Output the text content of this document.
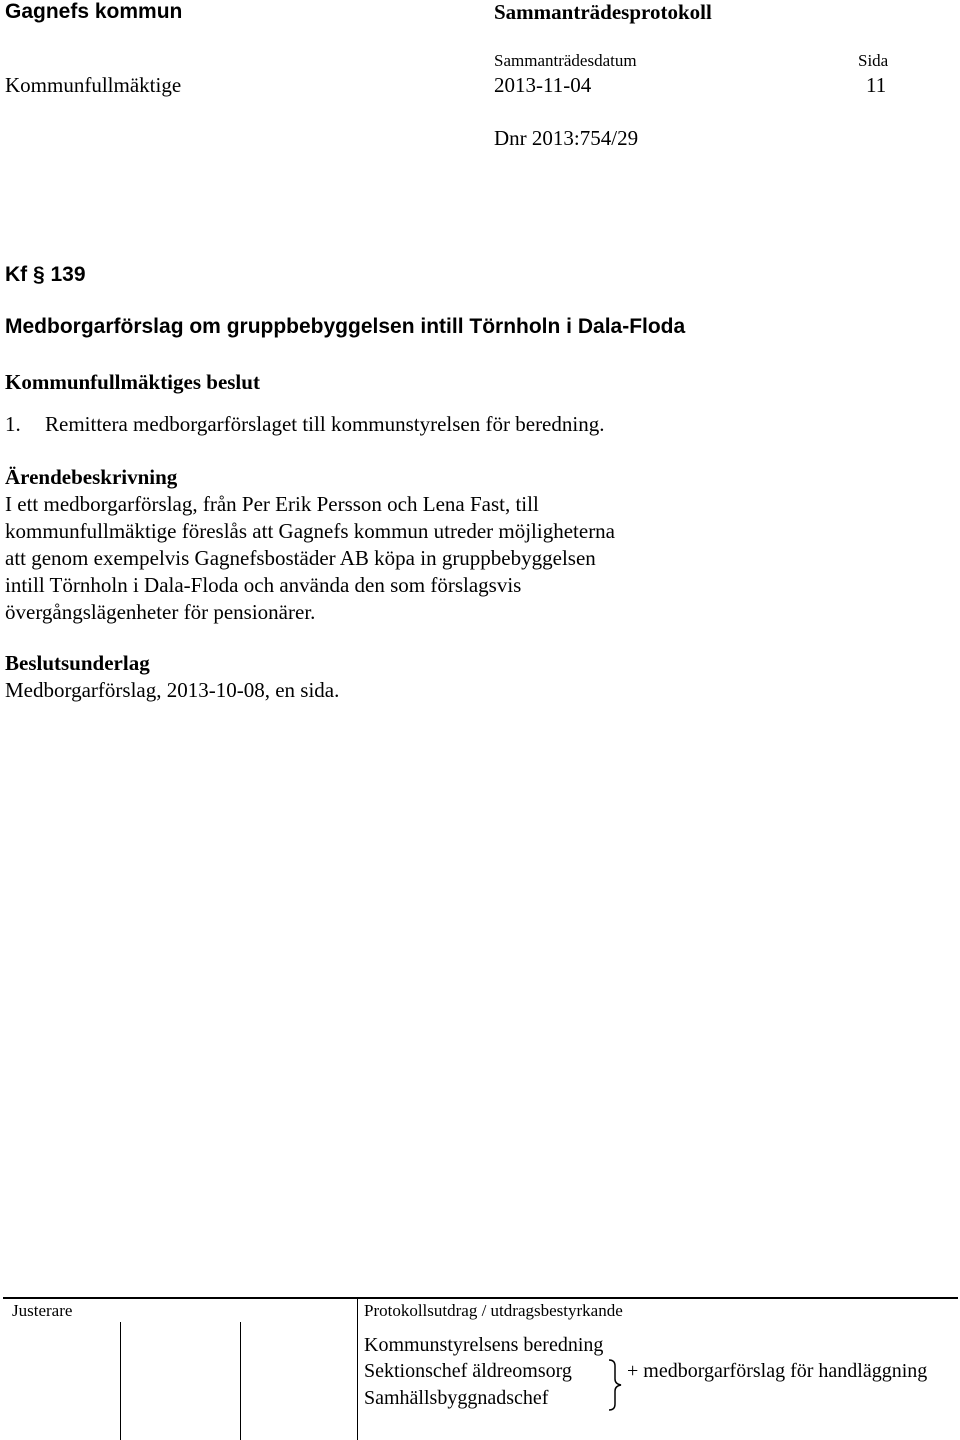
Gagnefs kommun	Sammanträdesprotokoll
Sammanträdesdatum	Sida
Kommunfullmäktige	2013-11-04	11
Dnr 2013:754/29
Kf § 139
Medborgarförslag om gruppbebyggelsen intill Törnholn i Dala-Floda
Kommunfullmäktiges beslut
1. Remittera medborgarförslaget till kommunstyrelsen för beredning.
Ärendebeskrivning
I ett medborgarförslag, från Per Erik Persson och Lena Fast, till
kommunfullmäktige föreslås att Gagnefs kommun utreder möjligheterna
att genom exempelvis Gagnefsbostäder AB köpa in gruppbebyggelsen
intill Törnholn i Dala-Floda och använda den som förslagsvis
övergångslägenheter för pensionärer.
Beslutsunderlag
Medborgarförslag, 2013-10-08, en sida.
Justerare	Protokollsutdrag / utdragsbestyrkande
Kommunstyrelsens beredning
Sektionschef äldreomsorg
Samhällsbyggnadschef
+ medborgarförslag för handläggning
